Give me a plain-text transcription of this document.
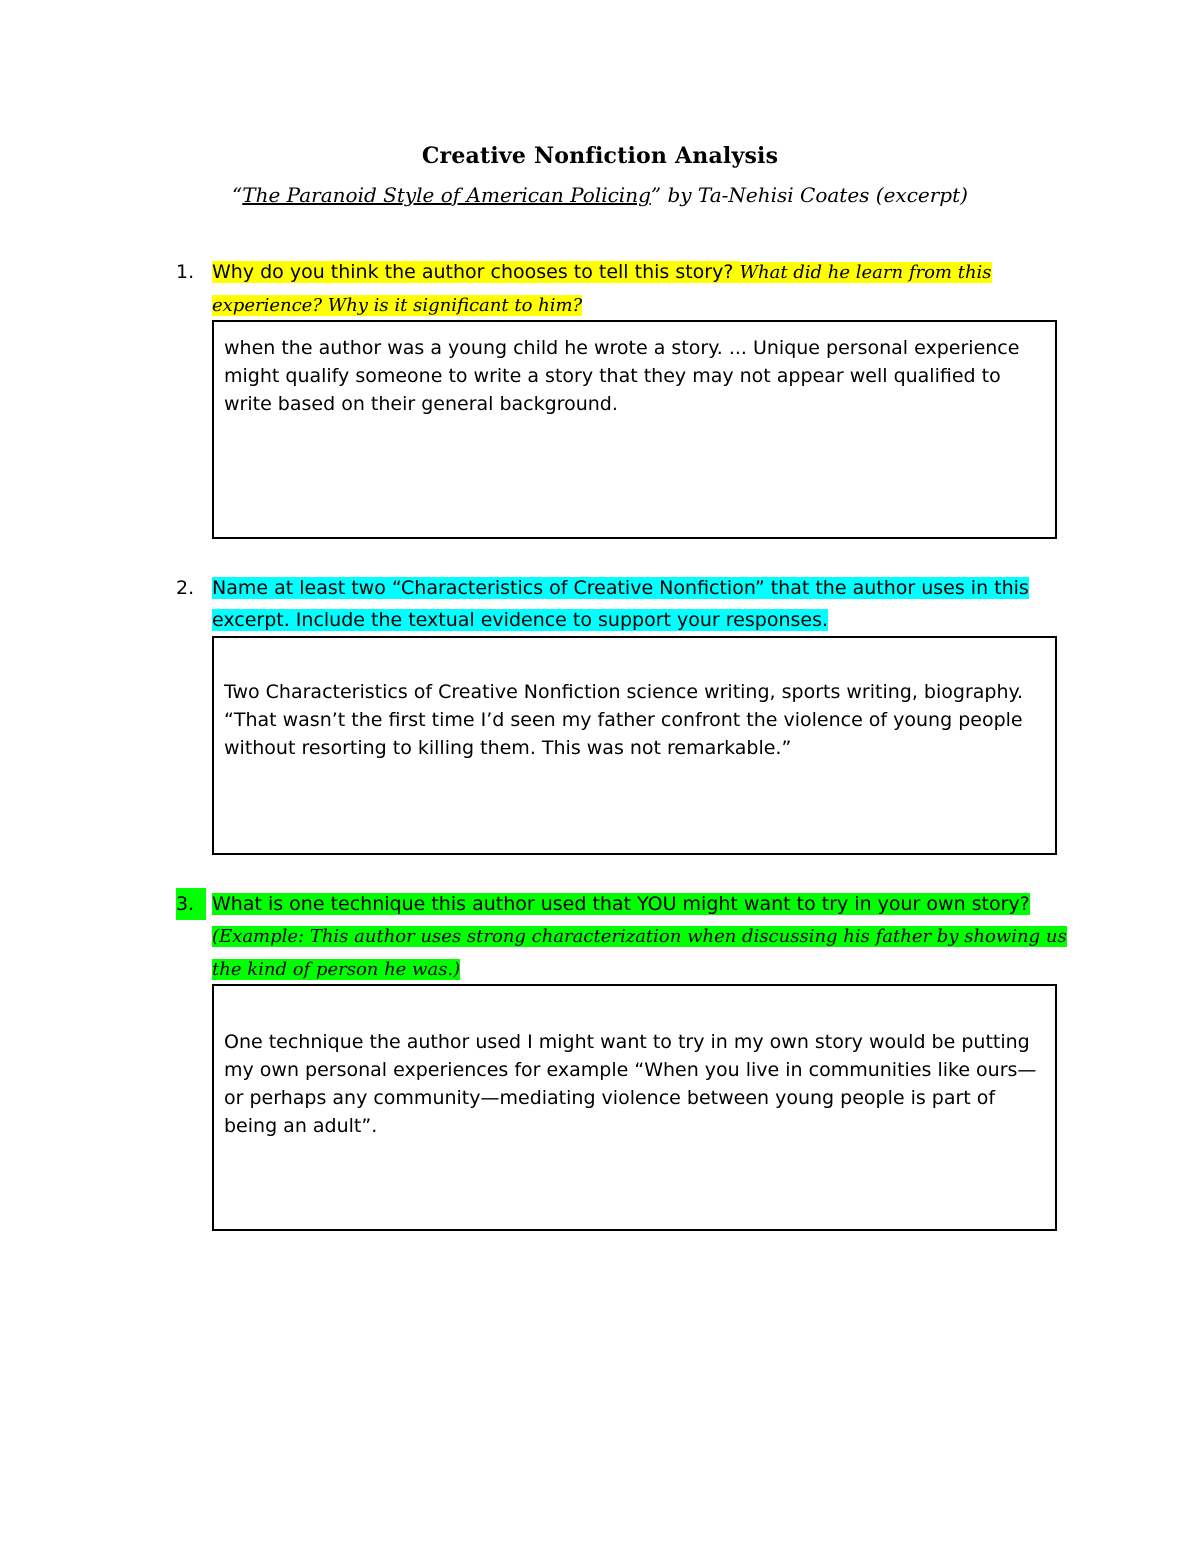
Creative Nonfiction Analysis
“The Paranoid Style of American Policing” by Ta-Nehisi Coates (excerpt)
1. Why do you think the author chooses to tell this story? What did he learn from this experience? Why is it significant to him?
when the author was a young child he wrote a story. ... Unique personal experience might qualify someone to write a story that they may not appear well qualified to write based on their general background.
2. Name at least two “Characteristics of Creative Nonfiction” that the author uses in this excerpt. Include the textual evidence to support your responses.
Two Characteristics of Creative Nonfiction science writing, sports writing, biography. “That wasn’t the first time I’d seen my father confront the violence of young people without resorting to killing them. This was not remarkable.”
3. What is one technique this author used that YOU might want to try in your own story? (Example: This author uses strong characterization when discussing his father by showing us the kind of person he was.)
One technique the author used I might want to try in my own story would be putting my own personal experiences for example “When you live in communities like ours—or perhaps any community—mediating violence between young people is part of being an adult”.
